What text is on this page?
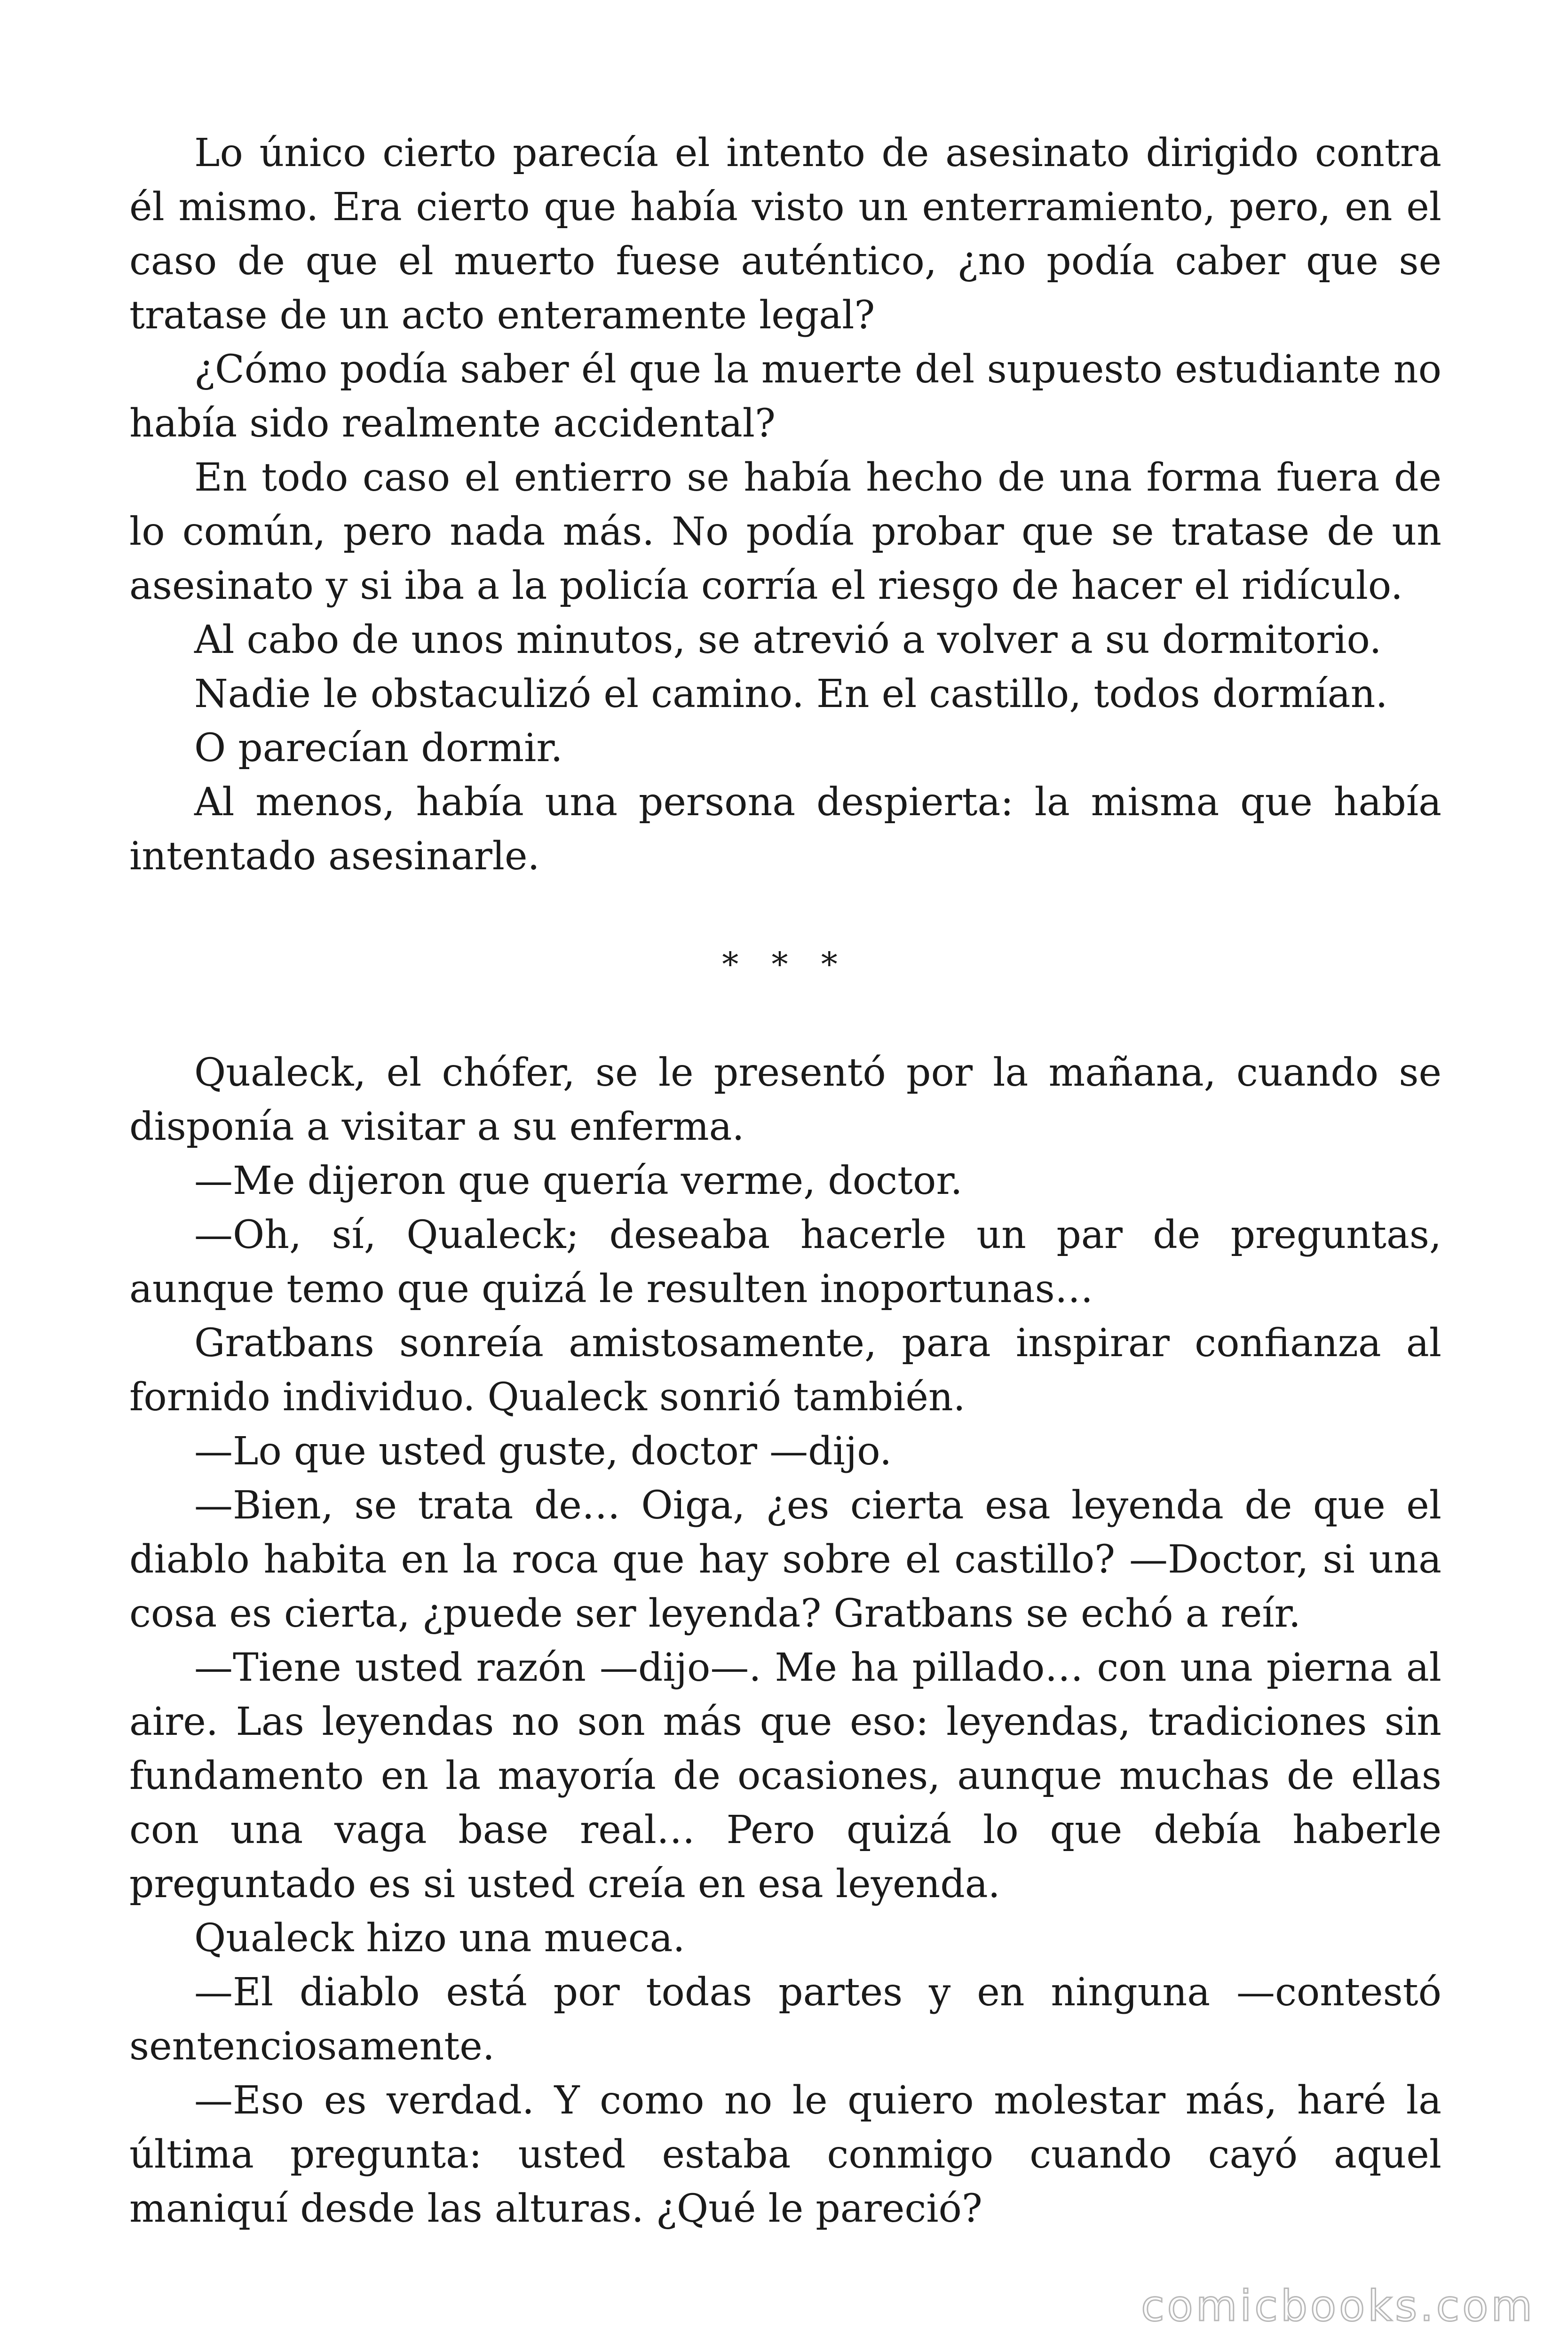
Lo único cierto parecía el intento de asesinato dirigido contra él mismo. Era cierto que había visto un enterramiento, pero, en el caso de que el muerto fuese auténtico, ¿no podía caber que se tratase de un acto enteramente legal?

¿Cómo podía saber él que la muerte del supuesto estudiante no había sido realmente accidental?

En todo caso el entierro se había hecho de una forma fuera de lo común, pero nada más. No podía probar que se tratase de un asesinato y si iba a la policía corría el riesgo de hacer el ridículo.

Al cabo de unos minutos, se atrevió a volver a su dormitorio.

Nadie le obstaculizó el camino. En el castillo, todos dormían.

O parecían dormir.

Al menos, había una persona despierta: la misma que había intentado asesinarle.

* * *

Qualeck, el chófer, se le presentó por la mañana, cuando se disponía a visitar a su enferma.

—Me dijeron que quería verme, doctor.

—Oh, sí, Qualeck; deseaba hacerle un par de preguntas, aunque temo que quizá le resulten inoportunas…

Gratbans sonreía amistosamente, para inspirar confianza al fornido individuo. Qualeck sonrió también.

—Lo que usted guste, doctor —dijo.

—Bien, se trata de… Oiga, ¿es cierta esa leyenda de que el diablo habita en la roca que hay sobre el castillo? —Doctor, si una cosa es cierta, ¿puede ser leyenda? Gratbans se echó a reír.

—Tiene usted razón —dijo—. Me ha pillado… con una pierna al aire. Las leyendas no son más que eso: leyendas, tradiciones sin fundamento en la mayoría de ocasiones, aunque muchas de ellas con una vaga base real… Pero quizá lo que debía haberle preguntado es si usted creía en esa leyenda.

Qualeck hizo una mueca.

—El diablo está por todas partes y en ninguna —contestó sentenciosamente.

—Eso es verdad. Y como no le quiero molestar más, haré la última pregunta: usted estaba conmigo cuando cayó aquel maniquí desde las alturas. ¿Qué le pareció?

comicbooks.com
